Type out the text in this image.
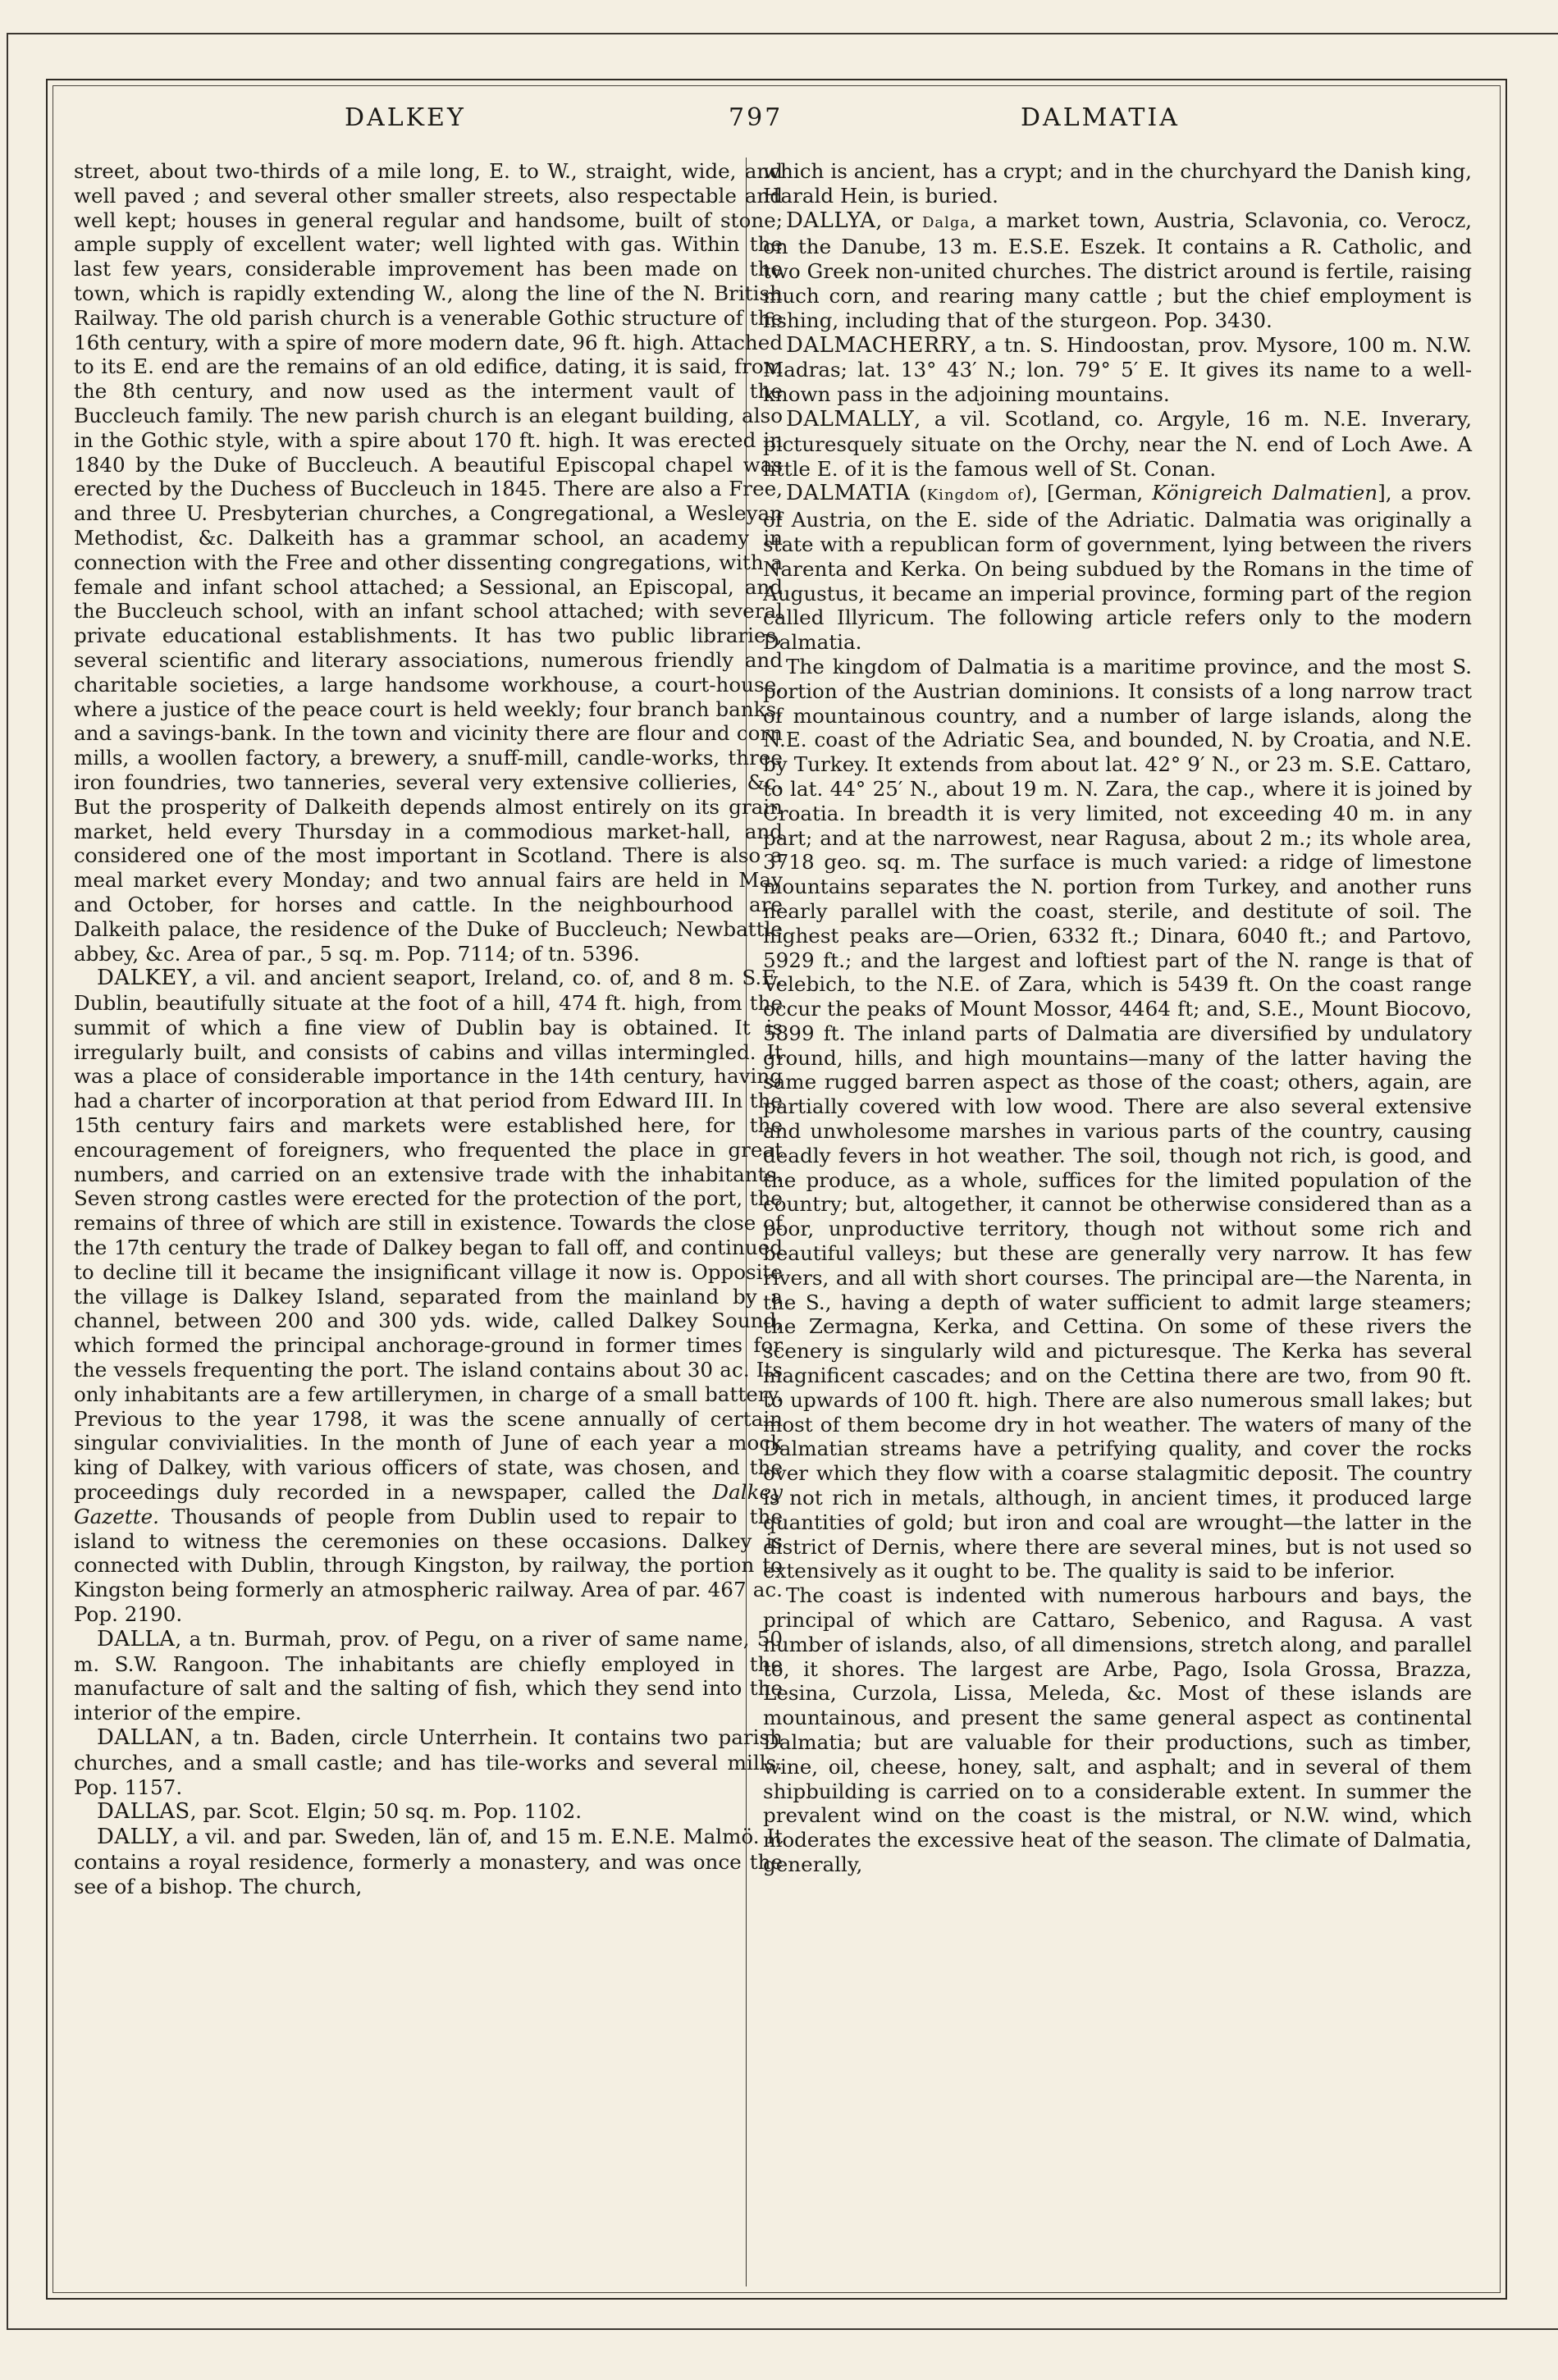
DALKEY	797	DALMATIA

street, about two-thirds of a mile long, E. to W., straight, wide, and well paved ; and several other smaller streets, also respectable and well kept; houses in general regular and handsome, built of stone; ample supply of excellent water; well lighted with gas. Within the last few years, considerable improvement has been made on the town, which is rapidly extending W., along the line of the N. British Railway. The old parish church is a venerable Gothic structure of the 16th century, with a spire of more modern date, 96 ft. high. Attached to its E. end are the remains of an old edifice, dating, it is said, from the 8th century, and now used as the interment vault of the Buccleuch family. The new parish church is an elegant building, also in the Gothic style, with a spire about 170 ft. high. It was erected in 1840 by the Duke of Buccleuch. A beautiful Episcopal chapel was erected by the Duchess of Buccleuch in 1845. There are also a Free, and three U. Presbyterian churches, a Congregational, a Wesleyan Methodist, &c. Dalkeith has a grammar school, an academy in connection with the Free and other dissenting congregations, with a female and infant school attached; a Sessional, an Episcopal, and the Buccleuch school, with an infant school attached; with several private educational establishments. It has two public libraries, several scientific and literary associations, numerous friendly and charitable societies, a large handsome workhouse, a court-house, where a justice of the peace court is held weekly; four branch banks, and a savings-bank. In the town and vicinity there are flour and corn mills, a woollen factory, a brewery, a snuff-mill, candle-works, three iron foundries, two tanneries, several very extensive collieries, &c. But the prosperity of Dalkeith depends almost entirely on its grain market, held every Thursday in a commodious market-hall, and considered one of the most important in Scotland. There is also a meal market every Monday; and two annual fairs are held in May and October, for horses and cattle. In the neighbourhood are Dalkeith palace, the residence of the Duke of Buccleuch; Newbattle abbey, &c. Area of par., 5 sq. m. Pop. 7114; of tn. 5396.

DALKEY, a vil. and ancient seaport, Ireland, co. of, and 8 m. S.E. Dublin, beautifully situate at the foot of a hill, 474 ft. high, from the summit of which a fine view of Dublin bay is obtained. It is irregularly built, and consists of cabins and villas intermingled. It was a place of considerable importance in the 14th century, having had a charter of incorporation at that period from Edward III. In the 15th century fairs and markets were established here, for the encouragement of foreigners, who frequented the place in great numbers, and carried on an extensive trade with the inhabitants. Seven strong castles were erected for the protection of the port, the remains of three of which are still in existence. Towards the close of the 17th century the trade of Dalkey began to fall off, and continued to decline till it became the insignificant village it now is. Opposite the village is Dalkey Island, separated from the mainland by a channel, between 200 and 300 yds. wide, called Dalkey Sound, which formed the principal anchorage-ground in former times for the vessels frequenting the port. The island contains about 30 ac. Its only inhabitants are a few artillerymen, in charge of a small battery. Previous to the year 1798, it was the scene annually of certain singular convivialities. In the month of June of each year a mock king of Dalkey, with various officers of state, was chosen, and the proceedings duly recorded in a newspaper, called the Dalkey Gazette. Thousands of people from Dublin used to repair to the island to witness the ceremonies on these occasions. Dalkey is connected with Dublin, through Kingston, by railway, the portion to Kingston being formerly an atmospheric railway. Area of par. 467 ac. Pop. 2190.

DALLA, a tn. Burmah, prov. of Pegu, on a river of same name, 50 m. S.W. Rangoon. The inhabitants are chiefly employed in the manufacture of salt and the salting of fish, which they send into the interior of the empire.

DALLAN, a tn. Baden, circle Unterrhein. It contains two parish churches, and a small castle; and has tile-works and several mills. Pop. 1157.

DALLAS, par. Scot. Elgin; 50 sq. m. Pop. 1102.

DALLY, a vil. and par. Sweden, län of, and 15 m. E.N.E. Malmö. It contains a royal residence, formerly a monastery, and was once the see of a bishop. The church,

which is ancient, has a crypt; and in the churchyard the Danish king, Harald Hein, is buried.

DALLYA, or Dalga, a market town, Austria, Sclavonia, co. Verocz, on the Danube, 13 m. E.S.E. Eszek. It contains a R. Catholic, and two Greek non-united churches. The district around is fertile, raising much corn, and rearing many cattle ; but the chief employment is fishing, including that of the sturgeon. Pop. 3430.

DALMACHERRY, a tn. S. Hindoostan, prov. Mysore, 100 m. N.W. Madras; lat. 13° 43′ N.; lon. 79° 5′ E. It gives its name to a well-known pass in the adjoining mountains.

DALMALLY, a vil. Scotland, co. Argyle, 16 m. N.E. Inverary, picturesquely situate on the Orchy, near the N. end of Loch Awe. A little E. of it is the famous well of St. Conan.

DALMATIA (Kingdom of), [German, Königreich Dalmatien], a prov. of Austria, on the E. side of the Adriatic. Dalmatia was originally a state with a republican form of government, lying between the rivers Narenta and Kerka. On being subdued by the Romans in the time of Augustus, it became an imperial province, forming part of the region called Illyricum. The following article refers only to the modern Dalmatia.

The kingdom of Dalmatia is a maritime province, and the most S. portion of the Austrian dominions. It consists of a long narrow tract of mountainous country, and a number of large islands, along the N.E. coast of the Adriatic Sea, and bounded, N. by Croatia, and N.E. by Turkey. It extends from about lat. 42° 9′ N., or 23 m. S.E. Cattaro, to lat. 44° 25′ N., about 19 m. N. Zara, the cap., where it is joined by Croatia. In breadth it is very limited, not exceeding 40 m. in any part; and at the narrowest, near Ragusa, about 2 m.; its whole area, 3718 geo. sq. m. The surface is much varied: a ridge of limestone mountains separates the N. portion from Turkey, and another runs nearly parallel with the coast, sterile, and destitute of soil. The highest peaks are—Orien, 6332 ft.; Dinara, 6040 ft.; and Partovo, 5929 ft.; and the largest and loftiest part of the N. range is that of Velebich, to the N.E. of Zara, which is 5439 ft. On the coast range occur the peaks of Mount Mossor, 4464 ft; and, S.E., Mount Biocovo, 5899 ft. The inland parts of Dalmatia are diversified by undulatory ground, hills, and high mountains—many of the latter having the same rugged barren aspect as those of the coast; others, again, are partially covered with low wood. There are also several extensive and unwholesome marshes in various parts of the country, causing deadly fevers in hot weather. The soil, though not rich, is good, and the produce, as a whole, suffices for the limited population of the country; but, altogether, it cannot be otherwise considered than as a poor, unproductive territory, though not without some rich and beautiful valleys; but these are generally very narrow. It has few rivers, and all with short courses. The principal are—the Narenta, in the S., having a depth of water sufficient to admit large steamers; the Zermagna, Kerka, and Cettina. On some of these rivers the scenery is singularly wild and picturesque. The Kerka has several magnificent cascades; and on the Cettina there are two, from 90 ft. to upwards of 100 ft. high. There are also numerous small lakes; but most of them become dry in hot weather. The waters of many of the Dalmatian streams have a petrifying quality, and cover the rocks over which they flow with a coarse stalagmitic deposit. The country is not rich in metals, although, in ancient times, it produced large quantities of gold; but iron and coal are wrought—the latter in the district of Dernis, where there are several mines, but is not used so extensively as it ought to be. The quality is said to be inferior.

The coast is indented with numerous harbours and bays, the principal of which are Cattaro, Sebenico, and Ragusa. A vast number of islands, also, of all dimensions, stretch along, and parallel to, it shores. The largest are Arbe, Pago, Isola Grossa, Brazza, Lesina, Curzola, Lissa, Meleda, &c. Most of these islands are mountainous, and present the same general aspect as continental Dalmatia; but are valuable for their productions, such as timber, wine, oil, cheese, honey, salt, and asphalt; and in several of them shipbuilding is carried on to a considerable extent. In summer the prevalent wind on the coast is the mistral, or N.W. wind, which moderates the excessive heat of the season. The climate of Dalmatia, generally,
